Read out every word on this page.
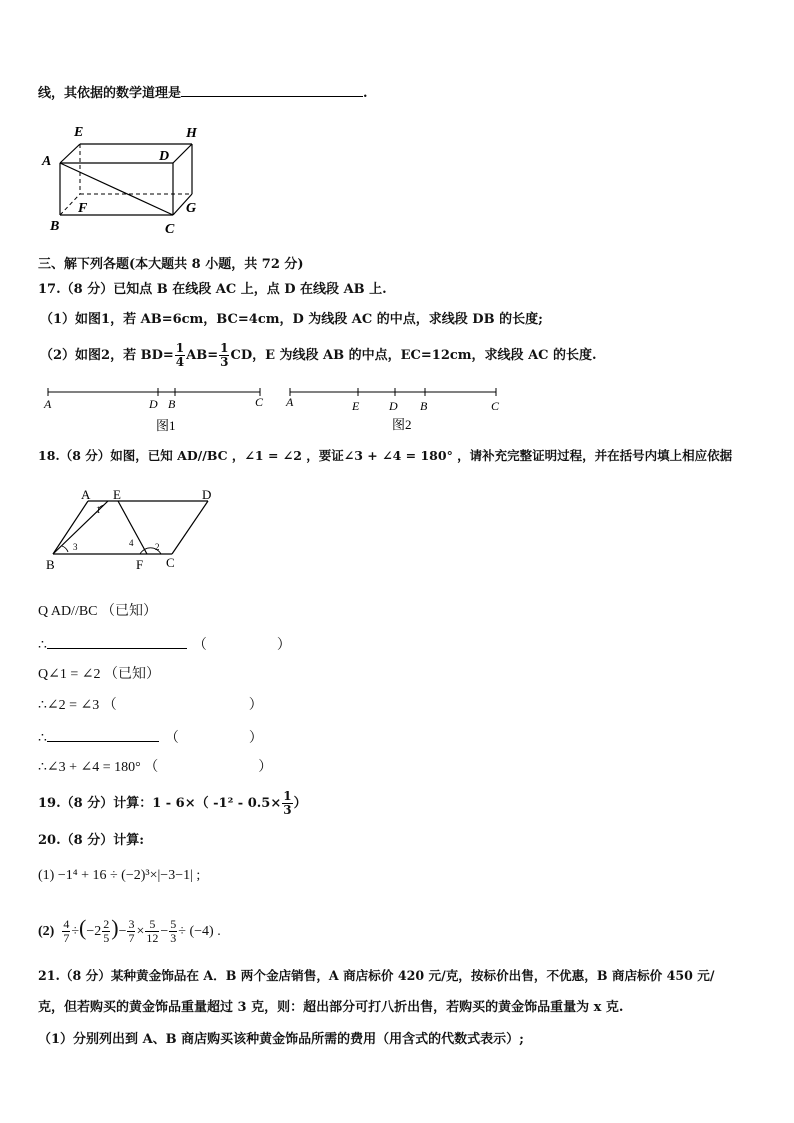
线，其依据的数学道理是	.
E	H
A	D
F	G
B	C
三、解下列各题(本大题共 8 小题，共 72 分)
17.（8 分）已知点 B 在线段 AC 上，点 D 在线段 AB 上.
（1）如图1，若 AB=6cm，BC=4cm，D 为线段 AC 的中点，求线段 DB 的长度;
（2）如图2，若 $BD= \frac{1}{4} AB= \frac{1}{3}$ CD，E 为线段 AB 的中点，EC=12cm，求线段 AC 的长度.
A	D B	C
图1
A	E D B	C
图2
18.（8 分）如图，已知 AD//BC ，∠1 = ∠2 ，要证∠3 + ∠4 = 180° ，请补充完整证明过程，并在括号内填上相应依据
A E	D
1
3	4 2
B	F C
Q AD//BC （已知）
∴	（                    ）
Q∠1 = ∠2 （已知）
∴∠2 = ∠3 （	）
∴	（                    ）
∴∠3 + ∠4 = 180° （	）
19.（8 分）计算：1 - 6×（ $-1^2 - 0.5\times \frac{1}{3}$ ）
20.（8 分）计算:
(1) −1⁴ + 16 ÷ (−2)³×|−3−1| ;
$(2) \frac{4}{7} \div(-2 \frac{2}{5}$ )− $\frac{3}{7} \times \frac{5}{12} - \frac{5}{3} \div (-4)$ .
21.（8 分）某种黄金饰品在 A．B 两个金店销售，A 商店标价 420 元/克，按标价出售，不优惠，B 商店标价 450 元/
克，但若购买的黄金饰品重量超过 3 克，则：超出部分可打八折出售，若购买的黄金饰品重量为 x 克.
（1）分别列出到 A、B 商店购买该种黄金饰品所需的费用（用含式的代数式表示）;
